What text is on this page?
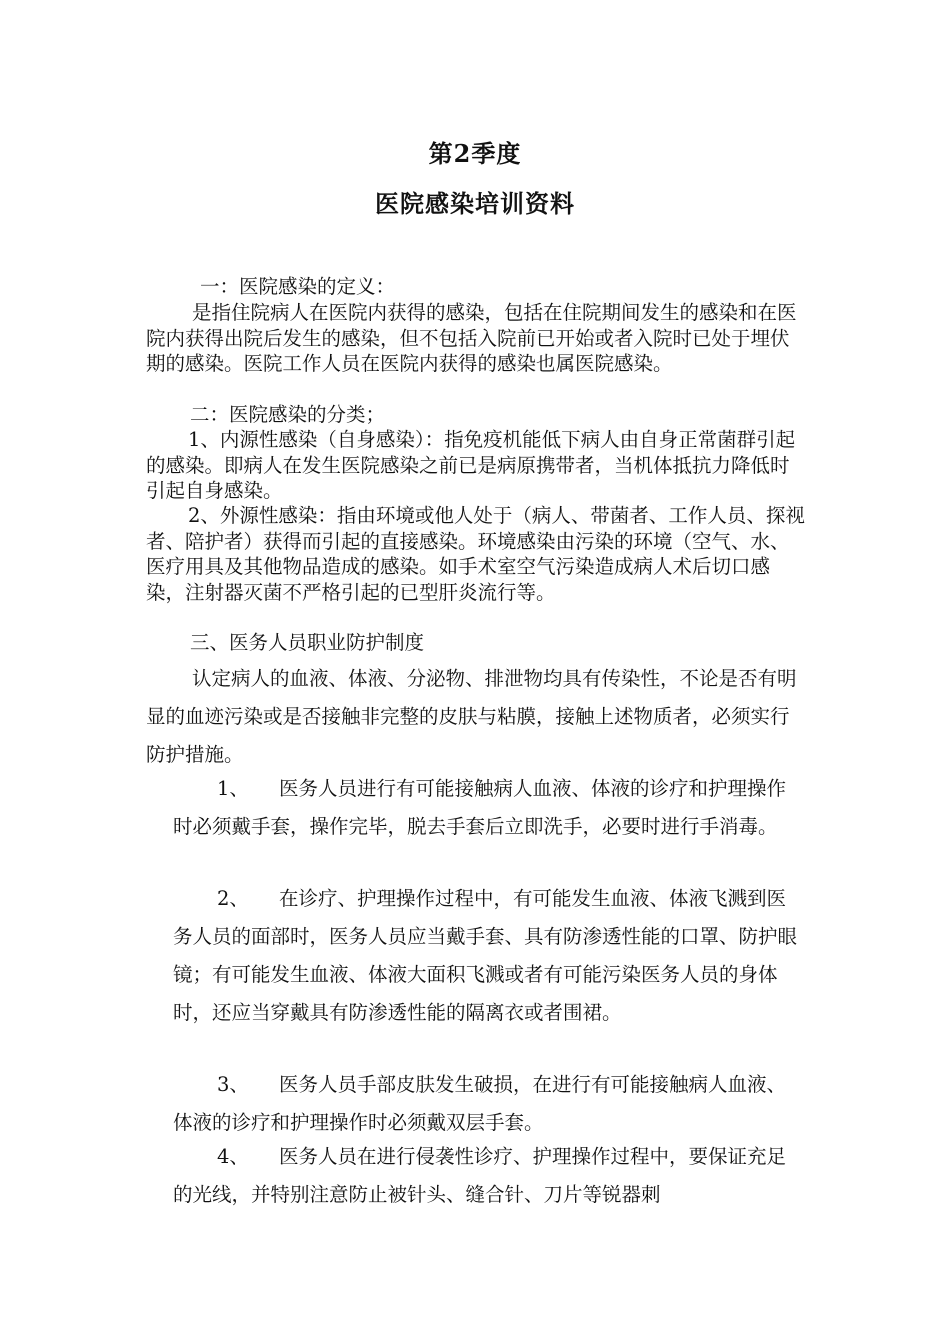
第2季度
医院感染培训资料

一：医院感染的定义：

是指住院病人在医院内获得的感染，包括在住院期间发生的感染和在医院内获得出院后发生的感染，但不包括入院前已开始或者入院时已处于埋伏期的感染。医院工作人员在医院内获得的感染也属医院感染。

二：医院感染的分类；

1、内源性感染（自身感染）：指免疫机能低下病人由自身正常菌群引起的感染。即病人在发生医院感染之前已是病原携带者，当机体抵抗力降低时引起自身感染。

2、外源性感染：指由环境或他人处于（病人、带菌者、工作人员、探视者、陪护者）获得而引起的直接感染。环境感染由污染的环境（空气、水、医疗用具及其他物品造成的感染。如手术室空气污染造成病人术后切口感染，注射器灭菌不严格引起的已型肝炎流行等。

三、医务人员职业防护制度

认定病人的血液、体液、分泌物、排泄物均具有传染性，不论是否有明显的血迹污染或是否接触非完整的皮肤与粘膜，接触上述物质者，必须实行防护措施。

1、 医务人员进行有可能接触病人血液、体液的诊疗和护理操作时必须戴手套，操作完毕，脱去手套后立即洗手，必要时进行手消毒。

2、 在诊疗、护理操作过程中，有可能发生血液、体液飞溅到医务人员的面部时，医务人员应当戴手套、具有防渗透性能的口罩、防护眼镜；有可能发生血液、体液大面积飞溅或者有可能污染医务人员的身体时，还应当穿戴具有防渗透性能的隔离衣或者围裙。

3、 医务人员手部皮肤发生破损，在进行有可能接触病人血液、体液的诊疗和护理操作时必须戴双层手套。

4、 医务人员在进行侵袭性诊疗、护理操作过程中，要保证充足的光线，并特别注意防止被针头、缝合针、刀片等锐器刺
